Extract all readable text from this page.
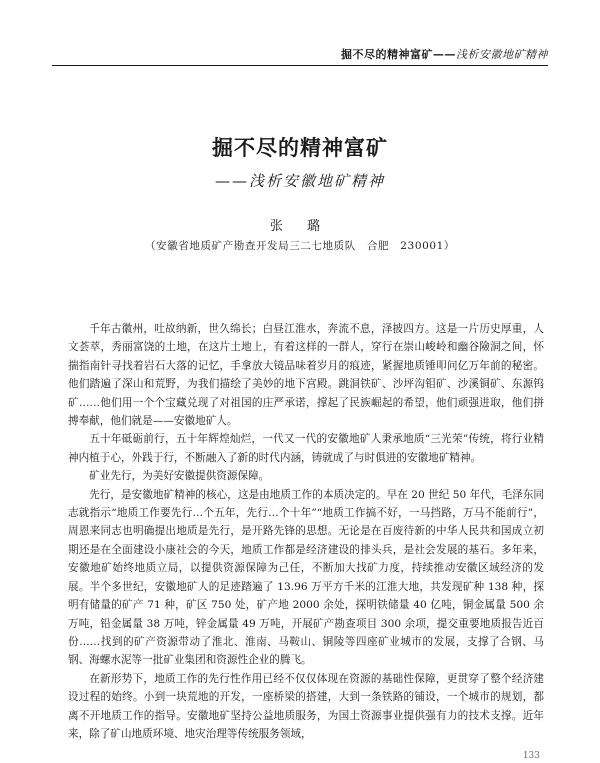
掘不尽的精神富矿——浅析安徽地矿精神
掘不尽的精神富矿
——浅析安徽地矿精神
张 璐
（安徽省地质矿产勘查开发局三二七地质队　合肥　230001）

千年古徽州，吐故纳新，世久绵长；白昼江淮水，奔流不息，泽披四方。这是一片历史厚重，人文荟萃，秀丽富饶的土地，在这片土地上，有着这样的一群人，穿行在崇山峻岭和幽谷險洞之间，怀揣指南针寻找着岩石大落的记忆，手拿放大镜品味着岁月的痕迹，紧握地质锤叩问亿万年前的秘密。他们踏遍了深山和荒野，为我们描绘了美妙的地下宫殿。跳洞铁矿、沙坪沟钼矿、沙溪铜矿、东源钨矿……他们用一个个宝藏兑现了对祖国的庄严承诺，撑起了民族崛起的希望，他们顽强进取，他们拼搏奉献，他们就是——安徽地矿人。

五十年砥砺前行，五十年辉煌灿烂，一代又一代的安徽地矿人秉承地质“三光荣”传统，将行业精神内植于心，外践于行，不断融入了新的时代内涵，铸就成了与时俱进的安徽地矿精神。

矿业先行，为美好安徽提供资源保障。

先行，是安徽地矿精神的核心，这是由地质工作的本质决定的。早在 20 世纪 50 年代，毛泽东同志就指示“地质工作要先行…个五年，先行…个十年”“地质工作搞不好，一马挡路，万马不能前行”，周恩来同志也明确提出地质是先行，是开路先锋的思想。无论是在百废待新的中华人民共和国成立初期还是在全面建设小康社会的今天，地质工作都是经济建设的排头兵，是社会发展的基石。多年来，安徽地矿始终地质立局，以提供资源保障为己任，不断加大找矿力度，持续推动安徽区域经济的发展。半个多世纪，安徽地矿人的足迹踏遍了 13.96 万平方千米的江淮大地，共发现矿种 138 种，探明有储量的矿产 71 种，矿区 750 处，矿产地 2000 余处，探明铁储量 40 亿吨，铜金属量 500 余万吨，铅金属量 38 万吨，锌金属量 49 万吨，开展矿产勘查项目 300 余项，提交重要地质报告近百份……找到的矿产资源带动了淮北、淮南、马鞍山、铜陵等四座矿业城市的发展，支撑了合钢、马钢、海螺水泥等一批矿业集团和资源性企业的腾飞。

在新形势下，地质工作的先行性作用已经不仅仅体现在资源的基础性保障，更贯穿了整个经济建设过程的始终。小到一块荒地的开发，一座桥梁的搭建，大到一条铁路的铺设，一个城市的规划，都离不开地质工作的指导。安徽地矿坚持公益地质服务，为国土资源事业提供强有力的技术支撑。近年来，除了矿山地质环境、地灾治理等传统服务领域，

133
